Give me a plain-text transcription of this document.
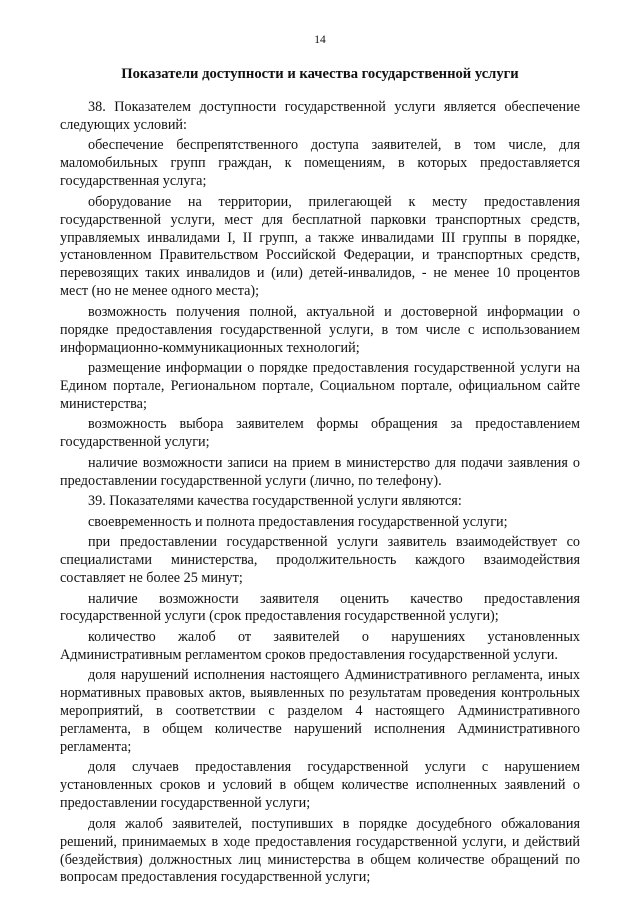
14
Показатели доступности и качества государственной услуги

38. Показателем доступности государственной услуги является обеспечение следующих условий:

обеспечение беспрепятственного доступа заявителей, в том числе, для маломобильных групп граждан, к помещениям, в которых предоставляется государственная услуга;

оборудование на территории, прилегающей к месту предоставления государственной услуги, мест для бесплатной парковки транспортных средств, управляемых инвалидами I, II групп, а также инвалидами III группы в порядке, установленном Правительством Российской Федерации, и транспортных средств, перевозящих таких инвалидов и (или) детей-инвалидов, - не менее 10 процентов мест (но не менее одного места);

возможность получения полной, актуальной и достоверной информации о порядке предоставления государственной услуги, в том числе с использованием информационно-коммуникационных технологий;

размещение информации о порядке предоставления государственной услуги на Едином портале, Региональном портале, Социальном портале, официальном сайте министерства;

возможность выбора заявителем формы обращения за предоставлением государственной услуги;

наличие возможности записи на прием в министерство для подачи заявления о предоставлении государственной услуги (лично, по телефону).

39. Показателями качества государственной услуги являются:

своевременность и полнота предоставления государственной услуги;

при предоставлении государственной услуги заявитель взаимодействует со специалистами министерства, продолжительность каждого взаимодействия составляет не более 25 минут;

наличие возможности заявителя оценить качество предоставления государственной услуги (срок предоставления государственной услуги);

количество жалоб от заявителей о нарушениях установленных Административным регламентом сроков предоставления государственной услуги.

доля нарушений исполнения настоящего Административного регламента, иных нормативных правовых актов, выявленных по результатам проведения контрольных мероприятий, в соответствии с разделом 4 настоящего Административного регламента, в общем количестве нарушений исполнения Административного регламента;

доля случаев предоставления государственной услуги с нарушением установленных сроков и условий в общем количестве исполненных заявлений о предоставлении государственной услуги;

доля жалоб заявителей, поступивших в порядке досудебного обжалования решений, принимаемых в ходе предоставления государственной услуги, и действий (бездействия) должностных лиц министерства в общем количестве обращений по вопросам предоставления государственной услуги;
